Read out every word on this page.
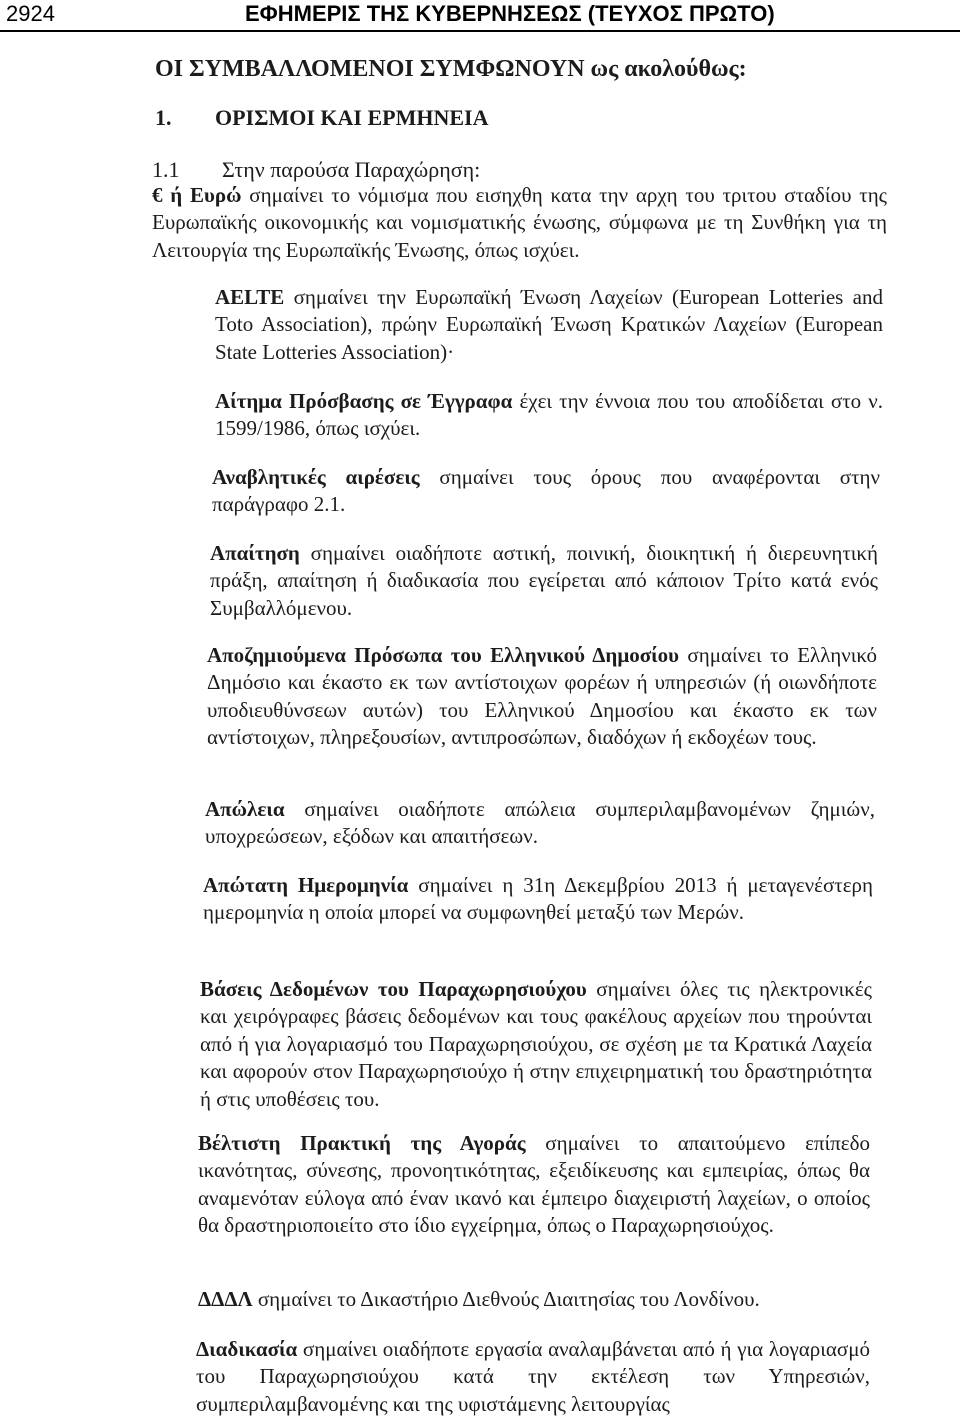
2924	ΕΦΗΜΕΡΙΣ ΤΗΣ ΚΥΒΕΡΝΗΣΕΩΣ (ΤΕΥΧΟΣ ΠΡΩΤΟ)
ΟΙ ΣΥΜΒΑΛΛΟΜΕΝΟΙ ΣΥΜΦΩΝΟΥΝ ως ακολούθως:
1. ΟΡΙΣΜΟΙ ΚΑΙ ΕΡΜΗΝΕΙΑ
1.1 Στην παρούσα Παραχώρηση:

€ ή Ευρώ σημαίνει το νόμισμα που εισηχθη κατα την αρχη του τριτου σταδίου της Ευρωπαϊκής οικονομικής και νομισματικής ένωσης, σύμφωνα με τη Συνθήκη για τη Λειτουργία της Ευρωπαϊκής Ένωσης, όπως ισχύει.

AELTE σημαίνει την Ευρωπαϊκή Ένωση Λαχείων (European Lotteries and Toto Association), πρώην Ευρωπαϊκή Ένωση Κρατικών Λαχείων (European State Lotteries Association)·

Αίτημα Πρόσβασης σε Έγγραφα έχει την έννοια που του αποδίδεται στο ν. 1599/1986, όπως ισχύει.

Αναβλητικές αιρέσεις σημαίνει τους όρους που αναφέρονται στην παράγραφο 2.1.

Απαίτηση σημαίνει οιαδήποτε αστική, ποινική, διοικητική ή διερευνητική πράξη, απαίτηση ή διαδικασία που εγείρεται από κάποιον Τρίτο κατά ενός Συμβαλλόμενου.

Αποζημιούμενα Πρόσωπα του Ελληνικού Δημοσίου σημαίνει το Ελληνικό Δημόσιο και έκαστο εκ των αντίστοιχων φορέων ή υπηρεσιών (ή οιωνδήποτε υποδιευθύνσεων αυτών) του Ελληνικού Δημοσίου και έκαστο εκ των αντίστοιχων, πληρεξουσίων, αντιπροσώπων, διαδόχων ή εκδοχέων τους.

Απώλεια σημαίνει οιαδήποτε απώλεια συμπεριλαμβανομένων ζημιών, υποχρεώσεων, εξόδων και απαιτήσεων.

Απώτατη Ημερομηνία σημαίνει η 31η Δεκεμβρίου 2013 ή μεταγενέστερη ημερομηνία η οποία μπορεί να συμφωνηθεί μεταξύ των Μερών.

Βάσεις Δεδομένων του Παραχωρησιούχου σημαίνει όλες τις ηλεκτρονικές και χειρόγραφες βάσεις δεδομένων και τους φακέλους αρχείων που τηρούνται από ή για λογαριασμό του Παραχωρησιούχου, σε σχέση με τα Κρατικά Λαχεία και αφορούν στον Παραχωρησιούχο ή στην επιχειρηματική του δραστηριότητα ή στις υποθέσεις του.

Βέλτιστη Πρακτική της Αγοράς σημαίνει το απαιτούμενο επίπεδο ικανότητας, σύνεσης, προνοητικότητας, εξειδίκευσης και εμπειρίας, όπως θα αναμενόταν εύλογα από έναν ικανό και έμπειρο διαχειριστή λαχείων, ο οποίος θα δραστηριοποιείτο στο ίδιο εγχείρημα, όπως ο Παραχωρησιούχος.

ΔΔΔΛ σημαίνει το Δικαστήριο Διεθνούς Διαιτησίας του Λονδίνου.

Διαδικασία σημαίνει οιαδήποτε εργασία αναλαμβάνεται από ή για λογαριασμό του Παραχωρησιούχου κατά την εκτέλεση των Υπηρεσιών, συμπεριλαμβανομένης και της υφιστάμενης λειτουργίας
